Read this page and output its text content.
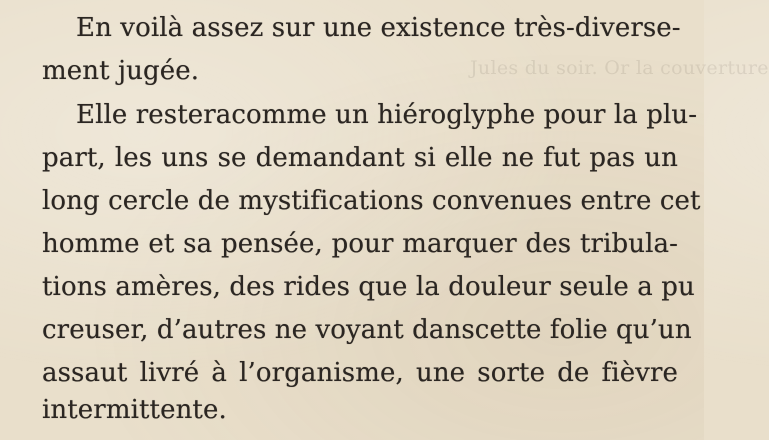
Jules du soir. Or la couverture
En voilà assez sur une existence très-diverse-
ment jugée.
Elle resteracomme un hiéroglyphe pour la plu-
part, les uns se demandant si elle ne fut pas un
long cercle de mystifications convenues entre cet
homme et sa pensée, pour marquer des tribula-
tions amères, des rides que la douleur seule a pu
creuser, d’autres ne voyant danscette folie qu’un
assaut livré à l’organisme, une sorte de fièvre
intermittente.
